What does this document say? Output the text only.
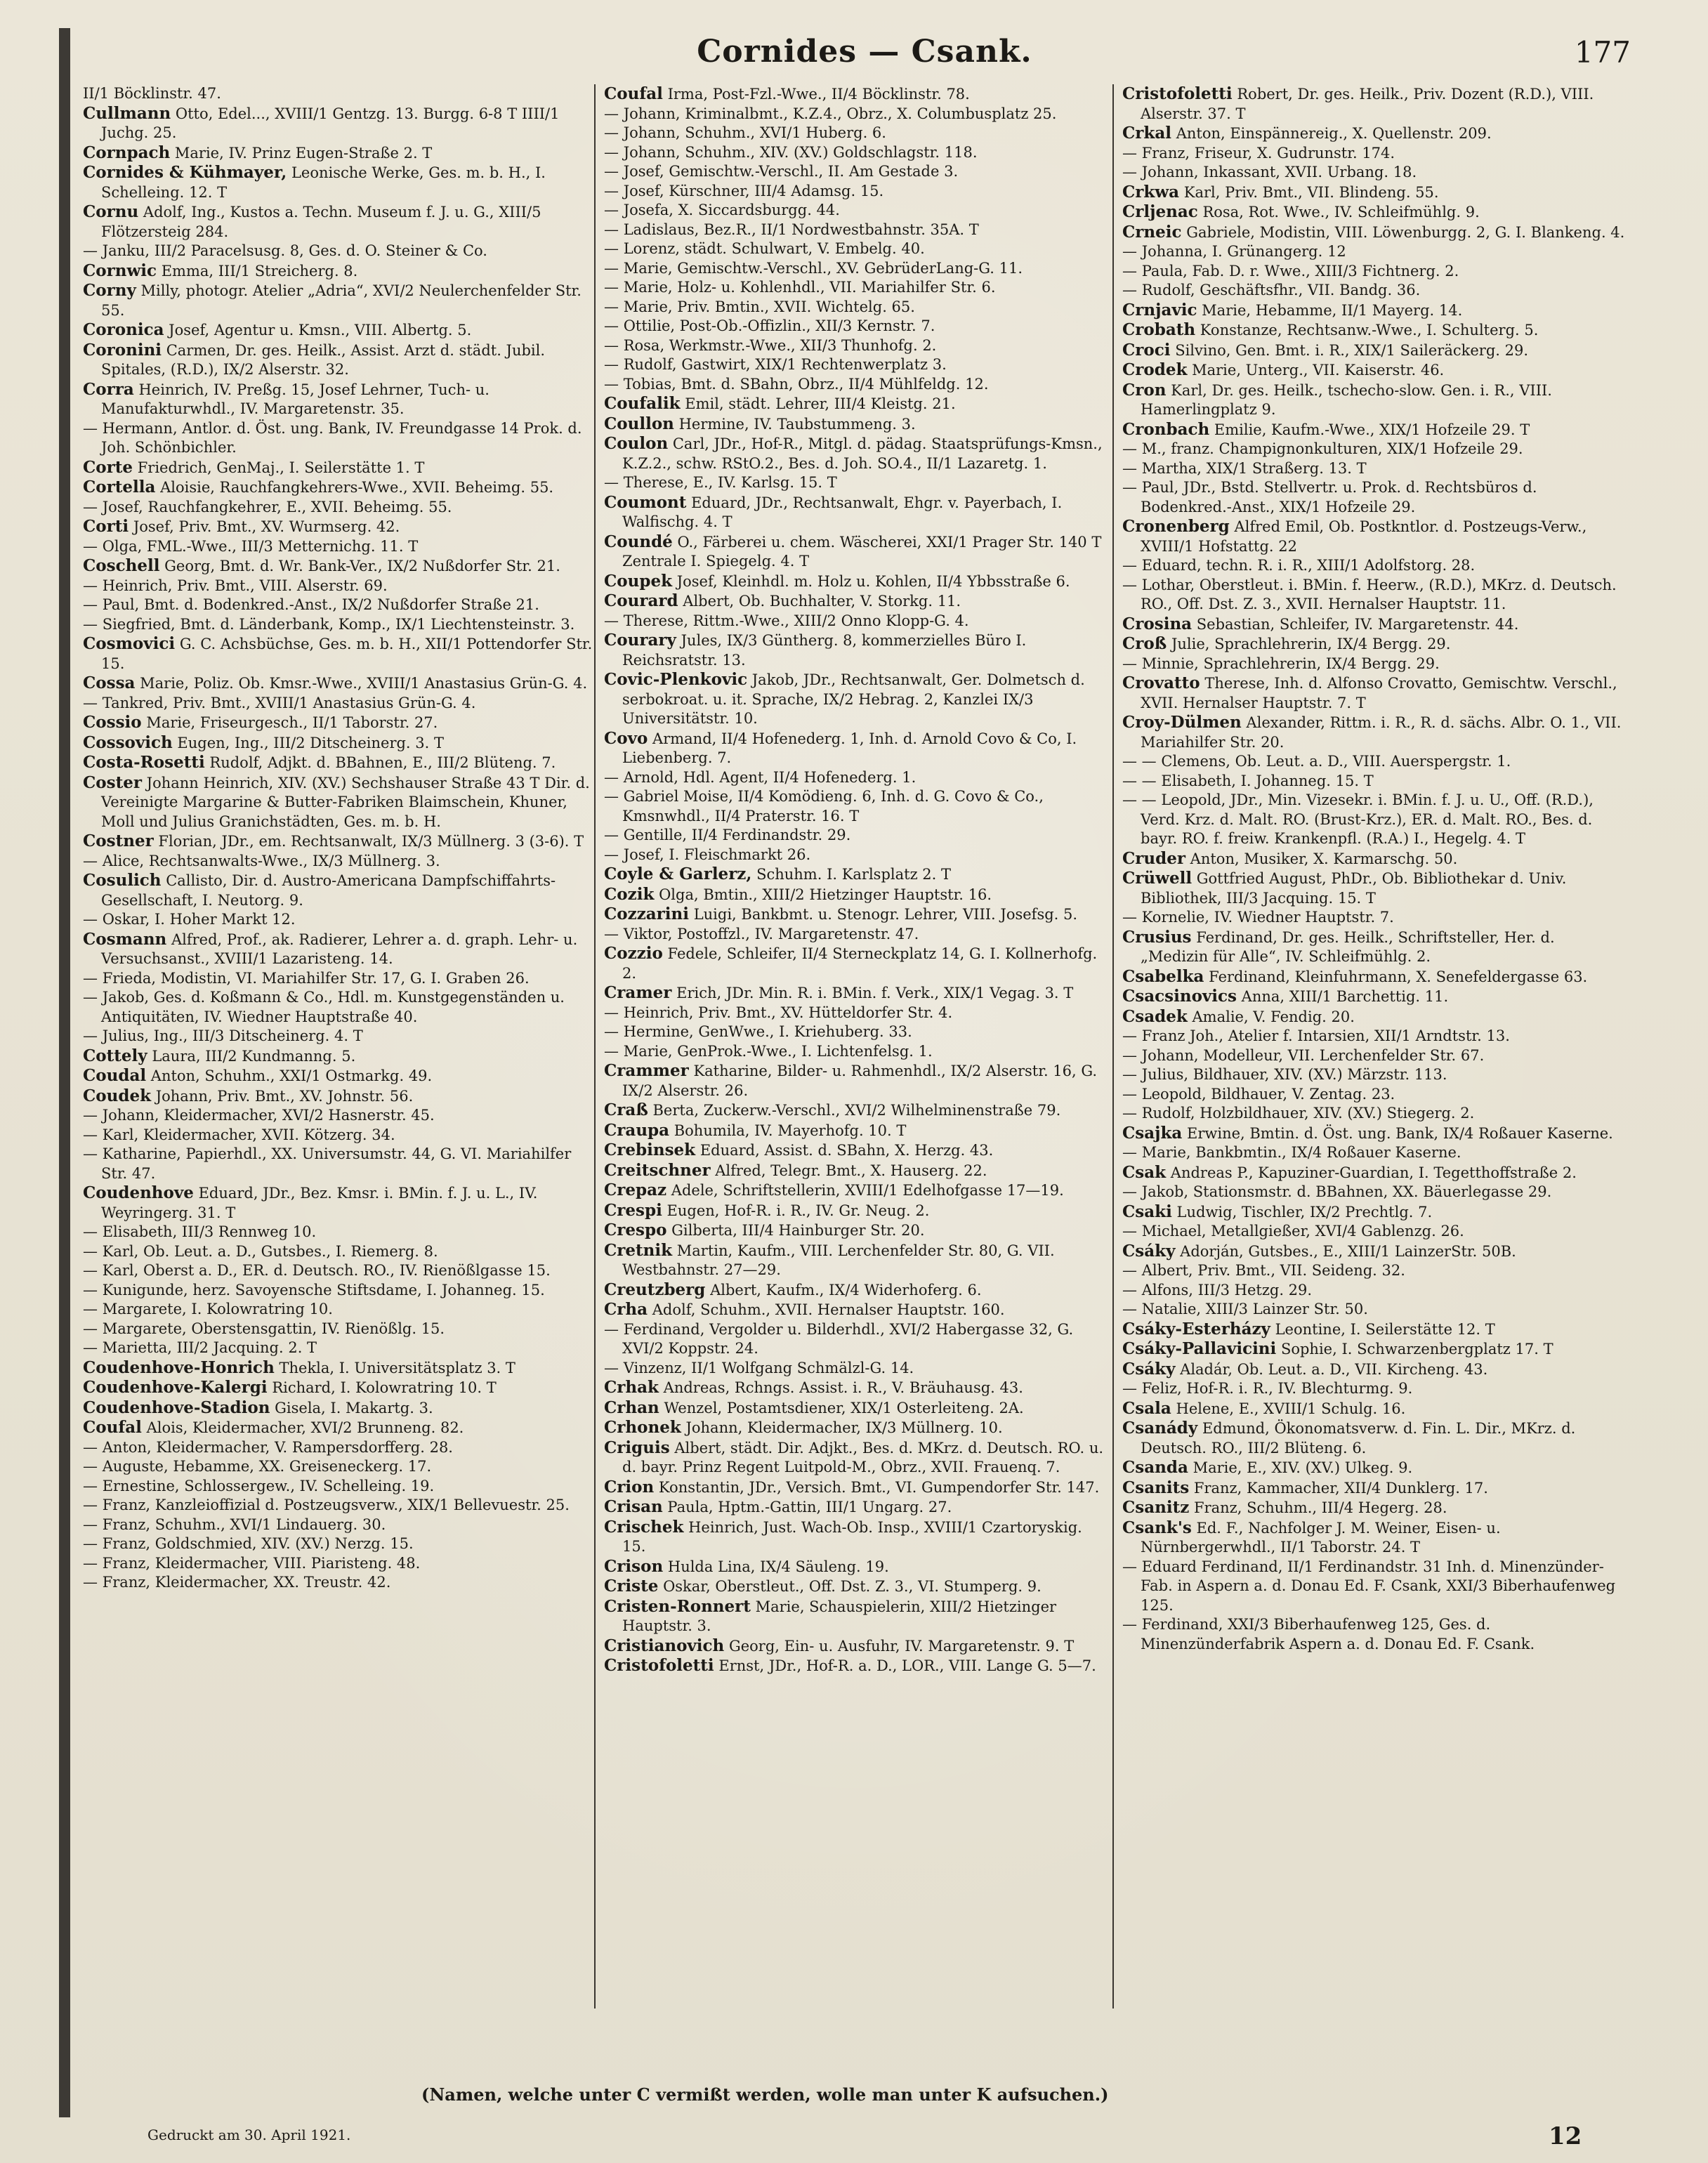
Cornides — Csank.	177

II/1 Böcklinstr. 47.

Cullmann Otto, Edel..., XVIII/1 Gentzg. 13. Burgg. 6-8 T IIII/1 Juchg. 25.

Cornpach Marie, IV. Prinz Eugen-Straße 2. T

Cornides & Kühmayer, Leonische Werke, Ges. m. b. H., I. Schelleing. 12. T

Cornu Adolf, Ing., Kustos a. Techn. Museum f. J. u. G., XIII/5 Flötzersteig 284.

— Janku, III/2 Paracelsusg. 8, Ges. d. O. Steiner & Co.

Cornwic Emma, III/1 Streicherg. 8.

Corny Milly, photogr. Atelier „Adria“, XVI/2 Neulerchenfelder Str. 55.

Coronica Josef, Agentur u. Kmsn., VIII. Albertg. 5.

Coronini Carmen, Dr. ges. Heilk., Assist. Arzt d. städt. Jubil. Spitales, (R.D.), IX/2 Alserstr. 32.

Corra Heinrich, IV. Preßg. 15, Josef Lehrner, Tuch- u. Manufakturwhdl., IV. Margaretenstr. 35.

— Hermann, Antlor. d. Öst. ung. Bank, IV. Freundgasse 14 Prok. d. Joh. Schönbichler.

Corte Friedrich, GenMaj., I. Seilerstätte 1. T

Cortella Aloisie, Rauchfangkehrers-Wwe., XVII. Beheimg. 55.

— Josef, Rauchfangkehrer, E., XVII. Beheimg. 55.

Corti Josef, Priv. Bmt., XV. Wurmserg. 42.

— Olga, FML.-Wwe., III/3 Metternichg. 11. T

Coschell Georg, Bmt. d. Wr. Bank-Ver., IX/2 Nußdorfer Str. 21.

— Heinrich, Priv. Bmt., VIII. Alserstr. 69.

— Paul, Bmt. d. Bodenkred.-Anst., IX/2 Nußdorfer Straße 21.

— Siegfried, Bmt. d. Länderbank, Komp., IX/1 Liechtensteinstr. 3.

Cosmovici G. C. Achsbüchse, Ges. m. b. H., XII/1 Pottendorfer Str. 15.

Cossa Marie, Poliz. Ob. Kmsr.-Wwe., XVIII/1 Anastasius Grün-G. 4.

— Tankred, Priv. Bmt., XVIII/1 Anastasius Grün-G. 4.

Cossio Marie, Friseurgesch., II/1 Taborstr. 27.

Cossovich Eugen, Ing., III/2 Ditscheinerg. 3. T

Costa-Rosetti Rudolf, Adjkt. d. BBahnen, E., III/2 Blüteng. 7.

Coster Johann Heinrich, XIV. (XV.) Sechshauser Straße 43 T Dir. d. Vereinigte Margarine & Butter-Fabriken Blaimschein, Khuner, Moll und Julius Granichstädten, Ges. m. b. H.

Costner Florian, JDr., em. Rechtsanwalt, IX/3 Müllnerg. 3 (3-6). T

— Alice, Rechtsanwalts-Wwe., IX/3 Müllnerg. 3.

Cosulich Callisto, Dir. d. Austro-Americana Dampfschiffahrts-Gesellschaft, I. Neutorg. 9.

— Oskar, I. Hoher Markt 12.

Cosmann Alfred, Prof., ak. Radierer, Lehrer a. d. graph. Lehr- u. Versuchsanst., XVIII/1 Lazaristeng. 14.

— Frieda, Modistin, VI. Mariahilfer Str. 17, G. I. Graben 26.

— Jakob, Ges. d. Koßmann & Co., Hdl. m. Kunstgegenständen u. Antiquitäten, IV. Wiedner Hauptstraße 40.

— Julius, Ing., III/3 Ditscheinerg. 4. T

Cottely Laura, III/2 Kundmanng. 5.

Coudal Anton, Schuhm., XXI/1 Ostmarkg. 49.

Coudek Johann, Priv. Bmt., XV. Johnstr. 56.

— Johann, Kleidermacher, XVI/2 Hasnerstr. 45.

— Karl, Kleidermacher, XVII. Kötzerg. 34.

— Katharine, Papierhdl., XX. Universumstr. 44, G. VI. Mariahilfer Str. 47.

Coudenhove Eduard, JDr., Bez. Kmsr. i. BMin. f. J. u. L., IV. Weyringerg. 31. T

— Elisabeth, III/3 Rennweg 10.

— Karl, Ob. Leut. a. D., Gutsbes., I. Riemerg. 8.

— Karl, Oberst a. D., ER. d. Deutsch. RO., IV. Rienößlgasse 15.

— Kunigunde, herz. Savoyensche Stiftsdame, I. Johanneg. 15.

— Margarete, I. Kolowratring 10.

— Margarete, Oberstensgattin, IV. Rienößlg. 15.

— Marietta, III/2 Jacquing. 2. T

Coudenhove-Honrich Thekla, I. Universitätsplatz 3. T

Coudenhove-Kalergi Richard, I. Kolowratring 10. T

Coudenhove-Stadion Gisela, I. Makartg. 3.

Coufal Alois, Kleidermacher, XVI/2 Brunneng. 82.

— Anton, Kleidermacher, V. Rampersdorfferg. 28.

— Auguste, Hebamme, XX. Greiseneckerg. 17.

— Ernestine, Schlossergew., IV. Schelleing. 19.

— Franz, Kanzleioffizial d. Postzeugsverw., XIX/1 Bellevuestr. 25.

— Franz, Schuhm., XVI/1 Lindauerg. 30.

— Franz, Goldschmied, XIV. (XV.) Nerzg. 15.

— Franz, Kleidermacher, VIII. Piaristeng. 48.

— Franz, Kleidermacher, XX. Treustr. 42.

Coufal Irma, Post-Fzl.-Wwe., II/4 Böcklinstr. 78.

— Johann, Kriminalbmt., K.Z.4., Obrz., X. Columbusplatz 25.

— Johann, Schuhm., XVI/1 Huberg. 6.

— Johann, Schuhm., XIV. (XV.) Goldschlagstr. 118.

— Josef, Gemischtw.-Verschl., II. Am Gestade 3.

— Josef, Kürschner, III/4 Adamsg. 15.

— Josefa, X. Siccardsburgg. 44.

— Ladislaus, Bez.R., II/1 Nordwestbahnstr. 35A. T

— Lorenz, städt. Schulwart, V. Embelg. 40.

— Marie, Gemischtw.-Verschl., XV. GebrüderLang-G. 11.

— Marie, Holz- u. Kohlenhdl., VII. Mariahilfer Str. 6.

— Marie, Priv. Bmtin., XVII. Wichtelg. 65.

— Ottilie, Post-Ob.-Offizlin., XII/3 Kernstr. 7.

— Rosa, Werkmstr.-Wwe., XII/3 Thunhofg. 2.

— Rudolf, Gastwirt, XIX/1 Rechtenwerplatz 3.

— Tobias, Bmt. d. SBahn, Obrz., II/4 Mühlfeldg. 12.

Coufalik Emil, städt. Lehrer, III/4 Kleistg. 21.

Coullon Hermine, IV. Taubstummeng. 3.

Coulon Carl, JDr., Hof-R., Mitgl. d. pädag. Staatsprüfungs-Kmsn., K.Z.2., schw. RStO.2., Bes. d. Joh. SO.4., II/1 Lazaretg. 1.

— Therese, E., IV. Karlsg. 15. T

Coumont Eduard, JDr., Rechtsanwalt, Ehgr. v. Payerbach, I. Walfischg. 4. T

Coundé O., Färberei u. chem. Wäscherei, XXI/1 Prager Str. 140 T Zentrale I. Spiegelg. 4. T

Coupek Josef, Kleinhdl. m. Holz u. Kohlen, II/4 Ybbsstraße 6.

Courard Albert, Ob. Buchhalter, V. Storkg. 11.

— Therese, Rittm.-Wwe., XIII/2 Onno Klopp-G. 4.

Courary Jules, IX/3 Güntherg. 8, kommerzielles Büro I. Reichsratstr. 13.

Covic-Plenkovic Jakob, JDr., Rechtsanwalt, Ger. Dolmetsch d. serbokroat. u. it. Sprache, IX/2 Hebrag. 2, Kanzlei IX/3 Universitätstr. 10.

Covo Armand, II/4 Hofenederg. 1, Inh. d. Arnold Covo & Co, I. Liebenberg. 7.

— Arnold, Hdl. Agent, II/4 Hofenederg. 1.

— Gabriel Moise, II/4 Komödieng. 6, Inh. d. G. Covo & Co., Kmsnwhdl., II/4 Praterstr. 16. T

— Gentille, II/4 Ferdinandstr. 29.

— Josef, I. Fleischmarkt 26.

Coyle & Garlerz, Schuhm. I. Karlsplatz 2. T

Cozik Olga, Bmtin., XIII/2 Hietzinger Hauptstr. 16.

Cozzarini Luigi, Bankbmt. u. Stenogr. Lehrer, VIII. Josefsg. 5.

— Viktor, Postoffzl., IV. Margaretenstr. 47.

Cozzio Fedele, Schleifer, II/4 Sterneckplatz 14, G. I. Kollnerhofg. 2.

Cramer Erich, JDr. Min. R. i. BMin. f. Verk., XIX/1 Vegag. 3. T

— Heinrich, Priv. Bmt., XV. Hütteldorfer Str. 4.

— Hermine, GenWwe., I. Kriehuberg. 33.

— Marie, GenProk.-Wwe., I. Lichtenfelsg. 1.

Crammer Katharine, Bilder- u. Rahmenhdl., IX/2 Alserstr. 16, G. IX/2 Alserstr. 26.

Craß Berta, Zuckerw.-Verschl., XVI/2 Wilhelminenstraße 79.

Craupa Bohumila, IV. Mayerhofg. 10. T

Crebinsek Eduard, Assist. d. SBahn, X. Herzg. 43.

Creitschner Alfred, Telegr. Bmt., X. Hauserg. 22.

Crepaz Adele, Schriftstellerin, XVIII/1 Edelhofgasse 17—19.

Crespi Eugen, Hof-R. i. R., IV. Gr. Neug. 2.

Crespo Gilberta, III/4 Hainburger Str. 20.

Cretnik Martin, Kaufm., VIII. Lerchenfelder Str. 80, G. VII. Westbahnstr. 27—29.

Creutzberg Albert, Kaufm., IX/4 Widerhoferg. 6.

Crha Adolf, Schuhm., XVII. Hernalser Hauptstr. 160.

— Ferdinand, Vergolder u. Bilderhdl., XVI/2 Habergasse 32, G. XVI/2 Koppstr. 24.

— Vinzenz, II/1 Wolfgang Schmälzl-G. 14.

Crhak Andreas, Rchngs. Assist. i. R., V. Bräuhausg. 43.

Crhan Wenzel, Postamtsdiener, XIX/1 Osterleiteng. 2A.

Crhonek Johann, Kleidermacher, IX/3 Müllnerg. 10.

Criguis Albert, städt. Dir. Adjkt., Bes. d. MKrz. d. Deutsch. RO. u. d. bayr. Prinz Regent Luitpold-M., Obrz., XVII. Frauenq. 7.

Crion Konstantin, JDr., Versich. Bmt., VI. Gumpendorfer Str. 147.

Crisan Paula, Hptm.-Gattin, III/1 Ungarg. 27.

Crischek Heinrich, Just. Wach-Ob. Insp., XVIII/1 Czartoryskig. 15.

Crison Hulda Lina, IX/4 Säuleng. 19.

Criste Oskar, Oberstleut., Off. Dst. Z. 3., VI. Stumperg. 9.

Cristen-Ronnert Marie, Schauspielerin, XIII/2 Hietzinger Hauptstr. 3.

Cristianovich Georg, Ein- u. Ausfuhr, IV. Margaretenstr. 9. T

Cristofoletti Ernst, JDr., Hof-R. a. D., LOR., VIII. Lange G. 5—7.

Cristofoletti Robert, Dr. ges. Heilk., Priv. Dozent (R.D.), VIII. Alserstr. 37. T

Crkal Anton, Einspännereig., X. Quellenstr. 209.

— Franz, Friseur, X. Gudrunstr. 174.

— Johann, Inkassant, XVII. Urbang. 18.

Crkwa Karl, Priv. Bmt., VII. Blindeng. 55.

Crljenac Rosa, Rot. Wwe., IV. Schleifmühlg. 9.

Crneic Gabriele, Modistin, VIII. Löwenburgg. 2, G. I. Blankeng. 4.

— Johanna, I. Grünangerg. 12

— Paula, Fab. D. r. Wwe., XIII/3 Fichtnerg. 2.

— Rudolf, Geschäftsfhr., VII. Bandg. 36.

Crnjavic Marie, Hebamme, II/1 Mayerg. 14.

Crobath Konstanze, Rechtsanw.-Wwe., I. Schulterg. 5.

Croci Silvino, Gen. Bmt. i. R., XIX/1 Saileräckerg. 29.

Crodek Marie, Unterg., VII. Kaiserstr. 46.

Cron Karl, Dr. ges. Heilk., tschecho-slow. Gen. i. R., VIII. Hamerlingplatz 9.

Cronbach Emilie, Kaufm.-Wwe., XIX/1 Hofzeile 29. T

— M., franz. Champignonkulturen, XIX/1 Hofzeile 29.

— Martha, XIX/1 Straßerg. 13. T

— Paul, JDr., Bstd. Stellvertr. u. Prok. d. Rechtsbüros d. Bodenkred.-Anst., XIX/1 Hofzeile 29.

Cronenberg Alfred Emil, Ob. Postkntlor. d. Postzeugs-Verw., XVIII/1 Hofstattg. 22

— Eduard, techn. R. i. R., XIII/1 Adolfstorg. 28.

— Lothar, Oberstleut. i. BMin. f. Heerw., (R.D.), MKrz. d. Deutsch. RO., Off. Dst. Z. 3., XVII. Hernalser Hauptstr. 11.

Crosina Sebastian, Schleifer, IV. Margaretenstr. 44.

Croß Julie, Sprachlehrerin, IX/4 Bergg. 29.

— Minnie, Sprachlehrerin, IX/4 Bergg. 29.

Crovatto Therese, Inh. d. Alfonso Crovatto, Gemischtw. Verschl., XVII. Hernalser Hauptstr. 7. T

Croy-Dülmen Alexander, Rittm. i. R., R. d. sächs. Albr. O. 1., VII. Mariahilfer Str. 20.

— — Clemens, Ob. Leut. a. D., VIII. Auerspergstr. 1.

— — Elisabeth, I. Johanneg. 15. T

— — Leopold, JDr., Min. Vizesekr. i. BMin. f. J. u. U., Off. (R.D.), Verd. Krz. d. Malt. RO. (Brust-Krz.), ER. d. Malt. RO., Bes. d. bayr. RO. f. freiw. Krankenpfl. (R.A.) I., Hegelg. 4. T

Cruder Anton, Musiker, X. Karmarschg. 50.

Crüwell Gottfried August, PhDr., Ob. Bibliothekar d. Univ. Bibliothek, III/3 Jacquing. 15. T

— Kornelie, IV. Wiedner Hauptstr. 7.

Crusius Ferdinand, Dr. ges. Heilk., Schriftsteller, Her. d. „Medizin für Alle“, IV. Schleifmühlg. 2.

Csabelka Ferdinand, Kleinfuhrmann, X. Senefeldergasse 63.

Csacsinovics Anna, XIII/1 Barchettig. 11.

Csadek Amalie, V. Fendig. 20.

— Franz Joh., Atelier f. Intarsien, XII/1 Arndtstr. 13.

— Johann, Modelleur, VII. Lerchenfelder Str. 67.

— Julius, Bildhauer, XIV. (XV.) Märzstr. 113.

— Leopold, Bildhauer, V. Zentag. 23.

— Rudolf, Holzbildhauer, XIV. (XV.) Stiegerg. 2.

Csajka Erwine, Bmtin. d. Öst. ung. Bank, IX/4 Roßauer Kaserne.

— Marie, Bankbmtin., IX/4 Roßauer Kaserne.

Csak Andreas P., Kapuziner-Guardian, I. Tegetthoffstraße 2.

— Jakob, Stationsmstr. d. BBahnen, XX. Bäuerlegasse 29.

Csaki Ludwig, Tischler, IX/2 Prechtlg. 7.

— Michael, Metallgießer, XVI/4 Gablenzg. 26.

Csáky Adorján, Gutsbes., E., XIII/1 LainzerStr. 50B.

— Albert, Priv. Bmt., VII. Seideng. 32.

— Alfons, III/3 Hetzg. 29.

— Natalie, XIII/3 Lainzer Str. 50.

Csáky-Esterházy Leontine, I. Seilerstätte 12. T

Csáky-Pallavicini Sophie, I. Schwarzenbergplatz 17. T

Csáky Aladár, Ob. Leut. a. D., VII. Kircheng. 43.

— Feliz, Hof-R. i. R., IV. Blechturmg. 9.

Csala Helene, E., XVIII/1 Schulg. 16.

Csanády Edmund, Ökonomatsverw. d. Fin. L. Dir., MKrz. d. Deutsch. RO., III/2 Blüteng. 6.

Csanda Marie, E., XIV. (XV.) Ulkeg. 9.

Csanits Franz, Kammacher, XII/4 Dunklerg. 17.

Csanitz Franz, Schuhm., III/4 Hegerg. 28.

Csank's Ed. F., Nachfolger J. M. Weiner, Eisen- u. Nürnbergerwhdl., II/1 Taborstr. 24. T

— Eduard Ferdinand, II/1 Ferdinandstr. 31 Inh. d. Minenzünder-Fab. in Aspern a. d. Donau Ed. F. Csank, XXI/3 Biberhaufenweg 125.

— Ferdinand, XXI/3 Biberhaufenweg 125, Ges. d. Minenzünderfabrik Aspern a. d. Donau Ed. F. Csank.

(Namen, welche unter C vermißt werden, wolle man unter K aufsuchen.)
Gedruckt am 30. April 1921.	12
